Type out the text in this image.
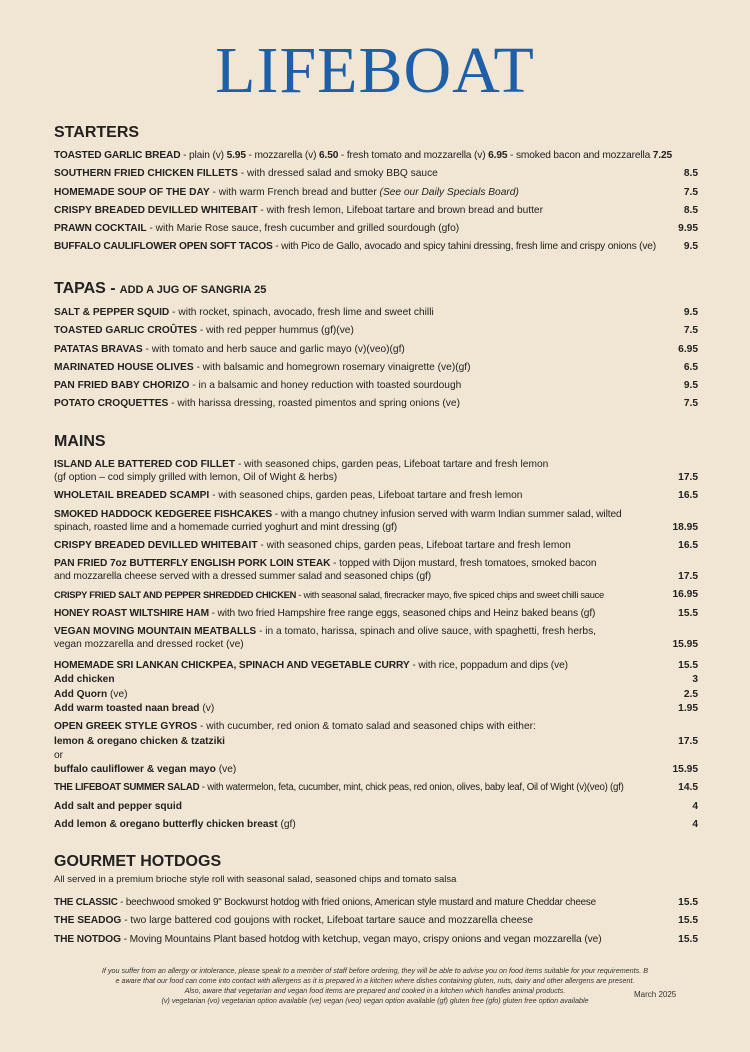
LIFEBOAT
STARTERS
TOASTED GARLIC BREAD - plain (v) 5.95 - mozzarella (v) 6.50 - fresh tomato and mozzarella (v) 6.95 - smoked bacon and mozzarella 7.25
SOUTHERN FRIED CHICKEN FILLETS - with dressed salad and smoky BBQ sauce	8.5
HOMEMADE SOUP OF THE DAY - with warm French bread and butter (See our Daily Specials Board)	7.5
CRISPY BREADED DEVILLED WHITEBAIT - with fresh lemon, Lifeboat tartare and brown bread and butter	8.5
PRAWN COCKTAIL - with Marie Rose sauce, fresh cucumber and grilled sourdough (gfo)	9.95
BUFFALO CAULIFLOWER OPEN SOFT TACOS - with Pico de Gallo, avocado and spicy tahini dressing, fresh lime and crispy onions (ve)	9.5
TAPAS - ADD A JUG OF SANGRIA 25
SALT & PEPPER SQUID - with rocket, spinach, avocado, fresh lime and sweet chilli	9.5
TOASTED GARLIC CROÛTES - with red pepper hummus (gf)(ve)	7.5
PATATAS BRAVAS - with tomato and herb sauce and garlic mayo (v)(veo)(gf)	6.95
MARINATED HOUSE OLIVES - with balsamic and homegrown rosemary vinaigrette (ve)(gf)	6.5
PAN FRIED BABY CHORIZO - in a balsamic and honey reduction with toasted sourdough	9.5
POTATO CROQUETTES - with harissa dressing, roasted pimentos and spring onions (ve)	7.5
MAINS
ISLAND ALE BATTERED COD FILLET - with seasoned chips, garden peas, Lifeboat tartare and fresh lemon
(gf option – cod simply grilled with lemon, Oil of Wight & herbs)	17.5
WHOLETAIL BREADED SCAMPI - with seasoned chips, garden peas, Lifeboat tartare and fresh lemon	16.5
SMOKED HADDOCK KEDGEREE FISHCAKES - with a mango chutney infusion served with warm Indian summer salad, wilted
spinach, roasted lime and a homemade curried yoghurt and mint dressing (gf)	18.95
CRISPY BREADED DEVILLED WHITEBAIT - with seasoned chips, garden peas, Lifeboat tartare and fresh lemon	16.5
PAN FRIED 7oz BUTTERFLY ENGLISH PORK LOIN STEAK - topped with Dijon mustard, fresh tomatoes, smoked bacon
and mozzarella cheese served with a dressed summer salad and seasoned chips (gf)	17.5
CRISPY FRIED SALT AND PEPPER SHREDDED CHICKEN - with seasonal salad, firecracker mayo, five spiced chips and sweet chilli sauce	16.95
HONEY ROAST WILTSHIRE HAM - with two fried Hampshire free range eggs, seasoned chips and Heinz baked beans (gf)	15.5
VEGAN MOVING MOUNTAIN MEATBALLS - in a tomato, harissa, spinach and olive sauce, with spaghetti, fresh herbs,
vegan mozzarella and dressed rocket (ve)	15.95
HOMEMADE SRI LANKAN CHICKPEA, SPINACH AND VEGETABLE CURRY - with rice, poppadum and dips (ve)	15.5
Add chicken	3
Add Quorn (ve)	2.5
Add warm toasted naan bread (v)	1.95
OPEN GREEK STYLE GYROS - with cucumber, red onion & tomato salad and seasoned chips with either:
lemon & oregano chicken & tzatziki	17.5
or
buffalo cauliflower & vegan mayo (ve)	15.95
THE LIFEBOAT SUMMER SALAD - with watermelon, feta, cucumber, mint, chick peas, red onion, olives, baby leaf, Oil of Wight (v)(veo) (gf)	14.5
Add salt and pepper squid	4
Add lemon & oregano butterfly chicken breast (gf)	4
GOURMET HOTDOGS
All served in a premium brioche style roll with seasonal salad, seasoned chips and tomato salsa
THE CLASSIC - beechwood smoked 9" Bockwurst hotdog with fried onions, American style mustard and mature Cheddar cheese	15.5
THE SEADOG - two large battered cod goujons with rocket, Lifeboat tartare sauce and mozzarella cheese	15.5
THE NOTDOG - Moving Mountains Plant based hotdog with ketchup, vegan mayo, crispy onions and vegan mozzarella (ve)	15.5
If you suffer from an allergy or intolerance, please speak to a member of staff before ordering, they will be able to advise you on food items suitable for your requirements. B
e aware that our food can come into contact with allergens as it is prepared in a kitchen where dishes containing gluten, nuts, dairy and other allergens are present.
Also, aware that vegetarian and vegan food items are prepared and cooked in a kitchen which handles animal products.
(v) vegetarian (vo) vegetarian option available (ve) vegan (veo) vegan option available (gf) gluten free (gfo) gluten free option available
March 2025
